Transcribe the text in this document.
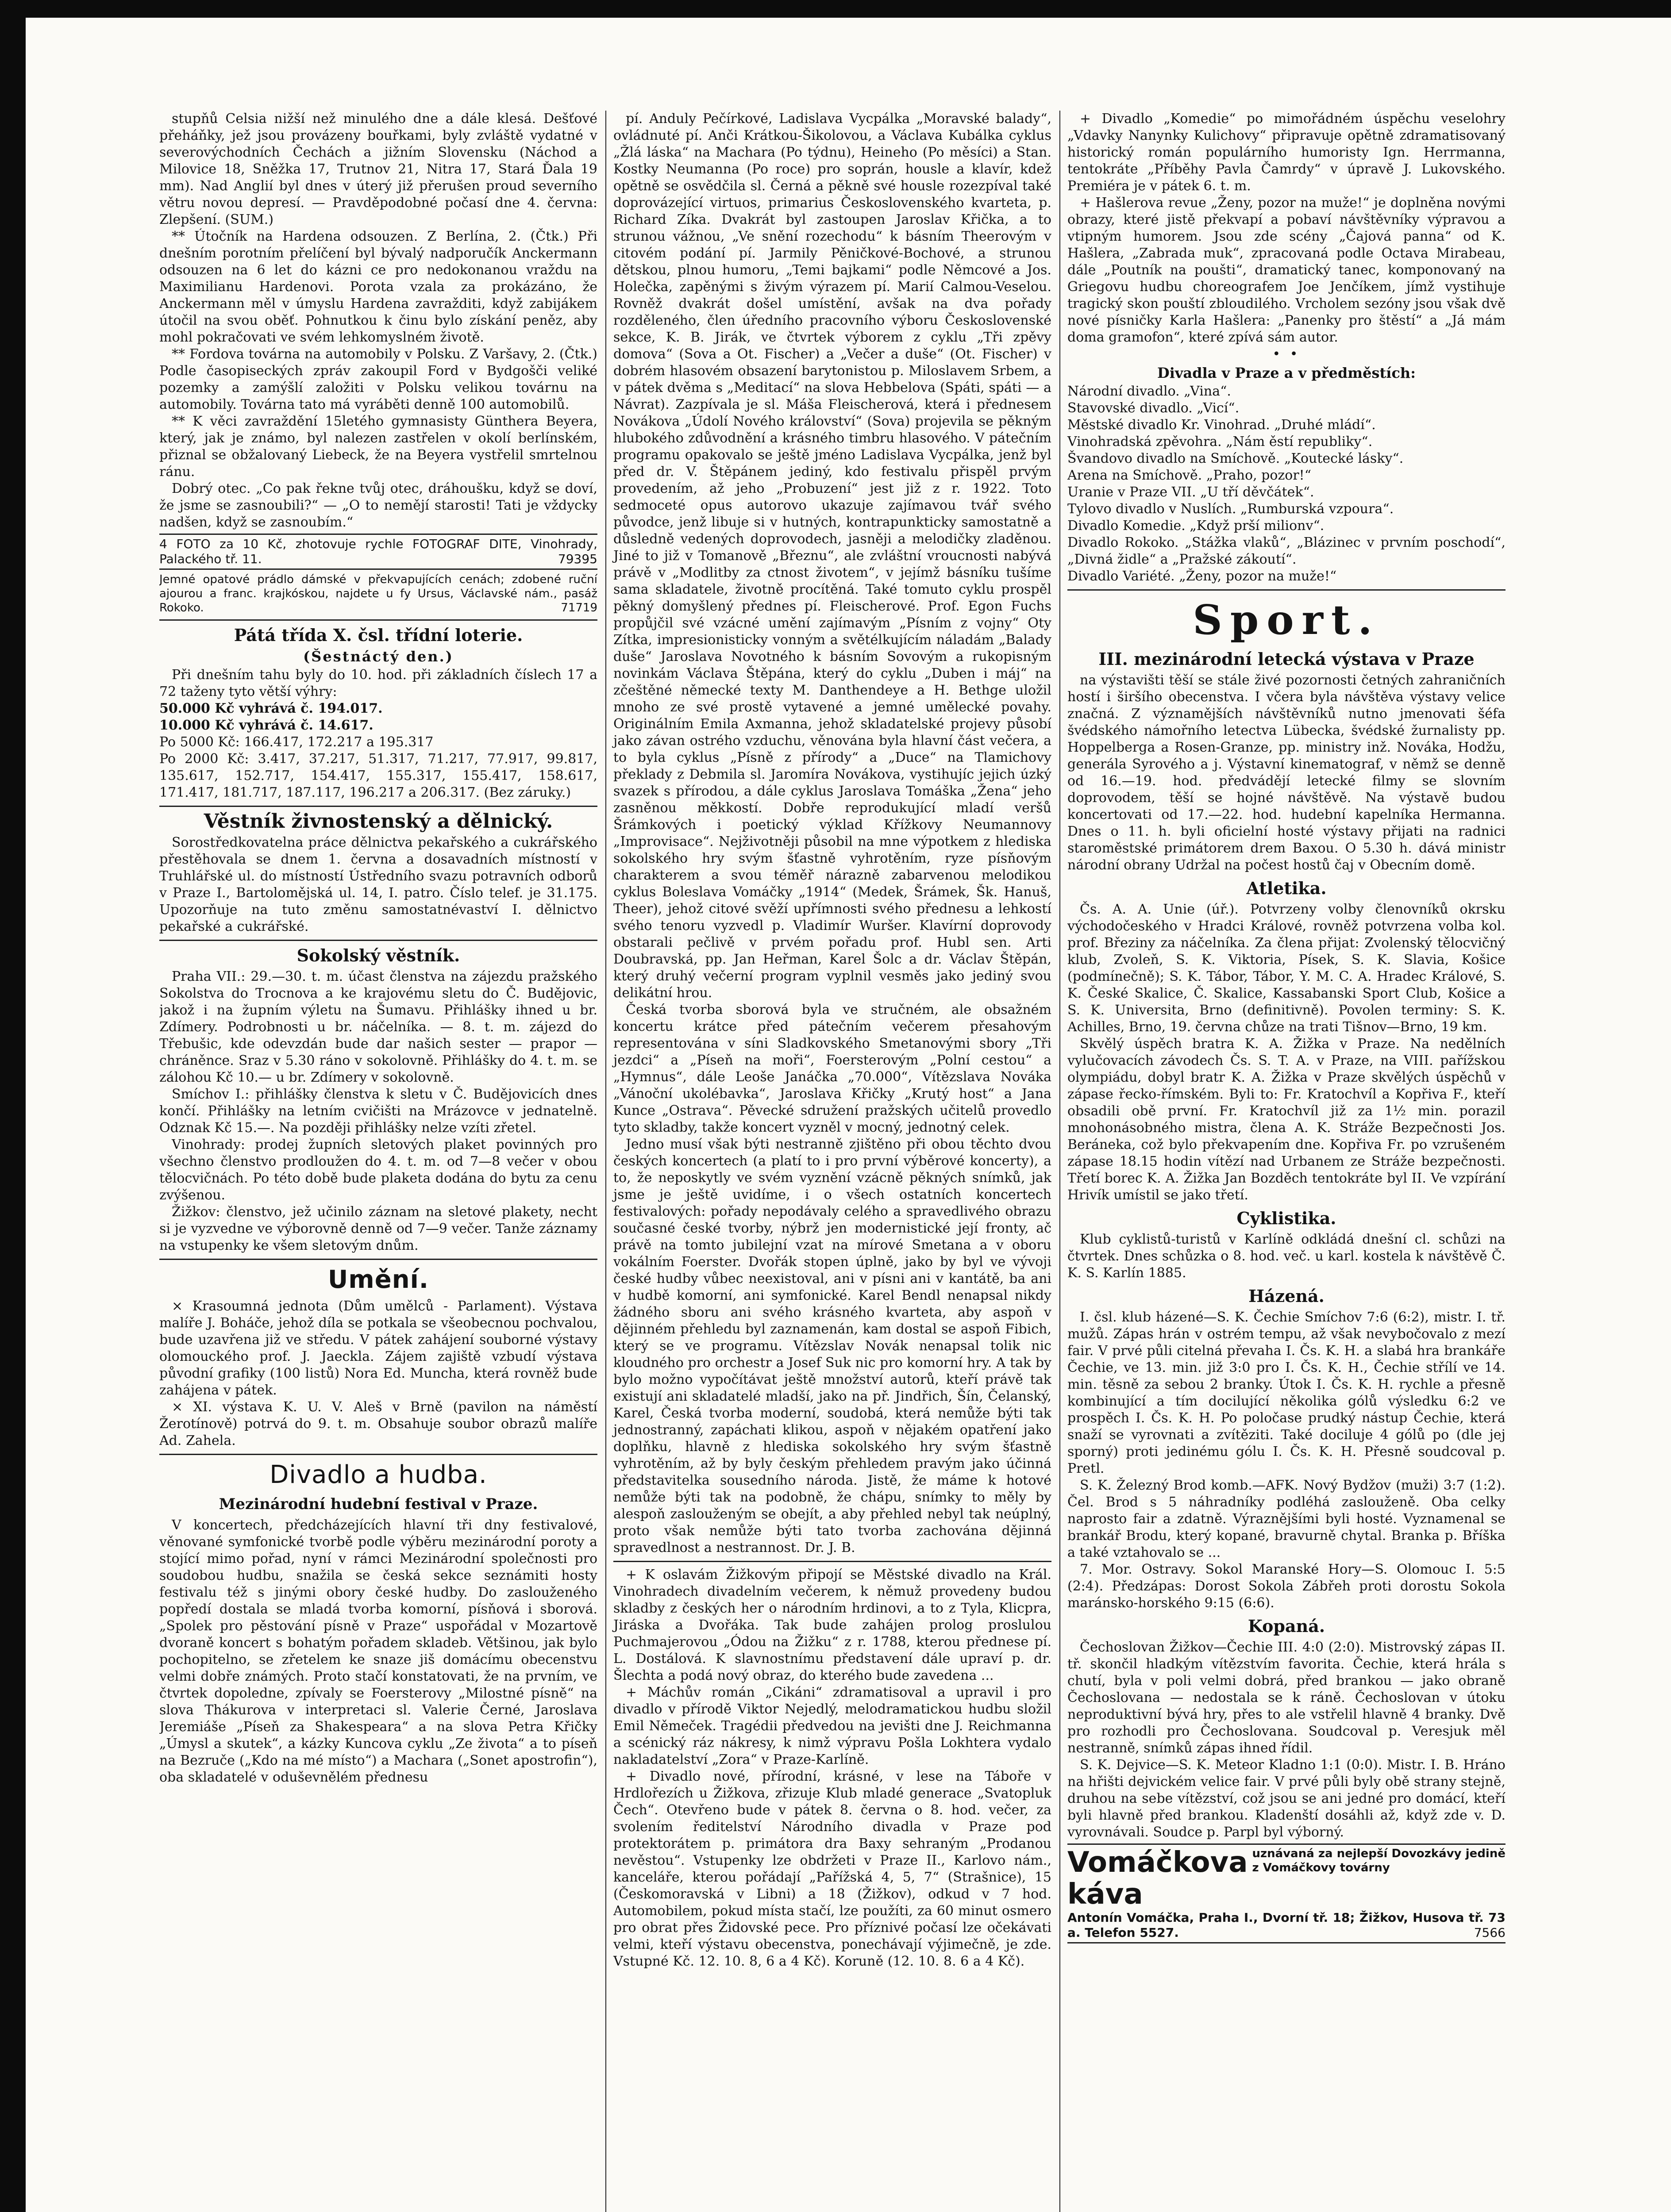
stupňů Celsia nižší než minulého dne a dále klesá. Dešťové přeháňky, jež jsou provázeny bouřkami, byly zvláště vydatné v severovýchodních Čechách a jižním Slovensku (Náchod a Milovice 18, Sněžka 17, Trutnov 21, Nitra 17, Stará Ďala 19 mm). Nad Anglií byl dnes v úterý již přerušen proud severního větru novou depresí. — Pravděpodobné počasí dne 4. června: Zlepšení. (SUM.)

** Útočník na Hardena odsouzen. Z Berlína, 2. (Čtk.) Při dnešním porotním přelíčení byl bývalý nadporučík Anckermann odsouzen na 6 let do kázni ce pro nedokonanou vraždu na Maximilianu Hardenovi. Porota vzala za prokázáno, že Anckermann měl v úmyslu Hardena zavražditi, když zabijákem útočil na svou oběť. Pohnutkou k činu bylo získání peněz, aby mohl pokračovati ve svém lehkomyslném životě.

** Fordova továrna na automobily v Polsku. Z Varšavy, 2. (Čtk.) Podle časopiseckých zpráv zakoupil Ford v Bydgošči veliké pozemky a zamýšlí založiti v Polsku velikou továrnu na automobily. Továrna tato má vyráběti denně 100 automobilů.

** K věci zavraždění 15letého gymnasisty Günthera Beyera, který, jak je známo, byl nalezen zastřelen v okolí berlínském, přiznal se obžalovaný Liebeck, že na Beyera vystřelil smrtelnou ránu.

Dobrý otec. „Co pak řekne tvůj otec, dráhoušku, když se doví, že jsme se zasnoubili?“ — „O to nemějí starosti! Tati je vždycky nadšen, když se zasnoubím.“

4 FOTO za 10 Kč, zhotovuje rychle FOTOGRAF DITE, Vinohrady, Palackého tř. 11.	79395
Jemné opatové prádlo dámské v překvapujících cenách; zdobené ruční ajourou a franc. krajkóskou, najdete u fy Ursus, Václavské nám., pasáž Rokoko.	71719
Pátá třída X. čsl. třídní loterie.
(Šestnáctý den.)

Při dnešním tahu byly do 10. hod. při základních číslech 17 a 72 taženy tyto větší výhry:

50.000 Kč vyhrává č. 194.017.

10.000 Kč vyhrává č. 14.617.

Po 5000 Kč: 166.417, 172.217 a 195.317

Po 2000 Kč: 3.417, 37.217, 51.317, 71.217, 77.917, 99.817, 135.617, 152.717, 154.417, 155.317, 155.417, 158.617, 171.417, 181.717, 187.117, 196.217 a 206.317. (Bez záruky.)

Věstník živnostenský a dělnický.

Sorostředkovatelna práce dělnictva pekařského a cukrářského přestěhovala se dnem 1. června a dosavadních místností v Truhlářské ul. do místností Ústředního svazu potravních odborů v Praze I., Bartolomějská ul. 14, I. patro. Číslo telef. je 31.175. Upozorňuje na tuto změnu samostatnévaství I. dělnictvo pekařské a cukrářské.

Sokolský věstník.

Praha VII.: 29.—30. t. m. účast členstva na zájezdu pražského Sokolstva do Trocnova a ke krajovému sletu do Č. Budějovic, jakož i na župním výletu na Šumavu. Přihlášky ihned u br. Zdímery. Podrobnosti u br. náčelníka. — 8. t. m. zájezd do Třebušic, kde odevzdán bude dar našich sester — prapor — chráněnce. Sraz v 5.30 ráno v sokolovně. Přihlášky do 4. t. m. se zálohou Kč 10.— u br. Zdímery v sokolovně.

Smíchov I.: přihlášky členstva k sletu v Č. Budějovicích dnes končí. Přihlášky na letním cvičišti na Mrázovce v jednatelně. Odznak Kč 15.—. Na později přihlášky nelze vzíti zřetel.

Vinohrady: prodej župních sletových plaket povinných pro všechno členstvo prodloužen do 4. t. m. od 7—8 večer v obou tělocvičnách. Po této době bude plaketa dodána do bytu za cenu zvýšenou.

Žižkov: členstvo, jež učinilo záznam na sletové plakety, necht si je vyzvedne ve výborovně denně od 7—9 večer. Tanže záznamy na vstupenky ke všem sletovým dnům.

Umění.

× Krasoumná jednota (Dům umělců - Parlament). Výstava malíře J. Boháče, jehož díla se potkala se všeobecnou pochvalou, bude uzavřena již ve středu. V pátek zahájení souborné výstavy olomouckého prof. J. Jaeckla. Zájem zajiště vzbudí výstava původní grafiky (100 listů) Nora Ed. Munchа, která rovněž bude zahájena v pátek.

× XI. výstava K. U. V. Aleš v Brně (pavilon na náměstí Žerotínově) potrvá do 9. t. m. Obsahuje soubor obrazů malíře Ad. Zahela.

Divadlo a hudba.
Mezinárodní hudební festival v Praze.

V koncertech, předcházejících hlavní tři dny festivalové, věnované symfonické tvorbě podle výběru mezinárodní poroty a stojící mimo pořad, nyní v rámci Mezinárodní společnosti pro soudobou hudbu, snažila se česká sekce seznámiti hosty festivalu též s jinými obory české hudby. Do zaslouženého popředí dostala se mladá tvorba komorní, písňová i sborová. „Spolek pro pěstování písně v Praze“ uspořádal v Mozartově dvoraně koncert s bohatým pořadem skladeb. Většinou, jak bylo pochopitelno, se zřetelem ke snaze jiš domácímu obecenstvu velmi dobře známých. Proto stačí konstatovati, že na prvním, ve čtvrtek dopoledne, zpívaly se Foersterovy „Milostné písně“ na slova Thákurova v interpretaci sl. Valerie Černé, Jaroslava Jeremiáše „Píseň za Shakespeara“ a na slova Petra Křičky „Úmysl a skutek“, a kázky Kuncova cyklu „Ze života“ a to píseň na Bezruče („Kdo na mé místo“) a Machara („Sonet apostrofin“), oba skladatelé v oduševnělém přednesu

pí. Anduly Pečírkové, Ladislava Vycpálka „Moravské balady“, ovládnuté pí. Anči Krátkou-Šikolovou, a Václava Kubálka cyklus „Žlá láska“ na Machara (Po týdnu), Heineho (Po měsíci) a Stan. Kostky Neumanna (Po roce) pro soprán, housle a klavír, kdež opětně se osvědčila sl. Černá a pěkně své housle rozezpíval také doprovázející virtuos, primarius Československého kvarteta, p. Richard Zíka. Dvakrát byl zastoupen Jaroslav Křička, a to strunou vážnou, „Ve snění rozechodu“ k básním Theerovým v citovém podání pí. Jarmily Pěničkové-Bochové, a strunou dětskou, plnou humoru, „Temi bajkami“ podle Němcové a Jos. Holečka, zapěnými s živým výrazem pí. Marií Calmou-Veselou. Rovněž dvakrát došel umístění, avšak na dva pořady rozděleného, člen úředního pracovního výboru Československé sekce, K. B. Jirák, ve čtvrtek výborem z cyklu „Tři zpěvy domova“ (Sova a Ot. Fischer) a „Večer a duše“ (Ot. Fischer) v dobrém hlasovém obsazení barytonistou p. Miloslavem Srbem, a v pátek dvěma s „Meditací“ na slova Hebbelova (Spáti, spáti — a Návrat). Zazpívala je sl. Máša Fleischerová, která i přednesem Novákova „Údolí Nového království“ (Sova) projevila se pěkným hlubokého zdůvodnění a krásného timbru hlasového. V pátečním programu opakovalo se ještě jméno Ladislava Vycpálka, jenž byl před dr. V. Štěpánem jediný, kdo festivalu přispěl prvým provedením, až jeho „Probuzení“ jest již z r. 1922. Toto sedmoceté opus autorovo ukazuje zajímavou tvář svého původce, jenž libuje si v hutných, kontrapunkticky samostatně a důsledně vedených doprovodech, jasněji a melodičky zladěnou. Jiné to již v Tomanově „Březnu“, ale zvláštní vroucnosti nabývá právě v „Modlitby za ctnost životem“, v jejímž básníku tušíme sama skladatele, životně procítěná. Také tomuto cyklu prospěl pěkný domyšlený přednes pí. Fleischerové. Prof. Egon Fuchs propůjčil své vzácné umění zajímavým „Písním z vojny“ Oty Zítka, impresionisticky vonným a světélkujícím náladám „Balady duše“ Jaroslava Novotného k básním Sovovým a rukopisným novinkám Václava Štěpána, který do cyklu „Duben i máj“ na zčeštěné německé texty M. Danthendeye a H. Bethge uložil mnoho ze své prostě vytavené a jemné umělecké povahy. Originálním Emila Axmanna, jehož skladatelské projevy působí jako závan ostrého vzduchu, věnována byla hlavní část večera, a to byla cyklus „Písně z přírody“ a „Duce“ na Tlamichovy překlady z Debmila sl. Jaromíra Novákova, vystihujíc jejich úzký svazek s přírodou, a dále cyklus Jaroslava Tomáška „Žena“ jeho zasněnou měkkostí. Dobře reprodukující mladí veršů Šrámkových i poetický výklad Křížkovy Neumannovy „Improvisace“. Nejživotněji působil na mne výpotkem z hlediska sokolského hry svým šťastně vyhrotěním, ryze písňovým charakterem a svou téměř nárazně zabarvenou melodikou cyklus Boleslava Vomáčky „1914“ (Medek, Šrámek, Šk. Hanuš, Theer), jehož citové svěží upřímnosti svého přednesu a lehkostí svého tenoru vyzvedl p. Vladimír Wuršer. Klavírní doprovody obstarali pečlivě v prvém pořadu prof. Hubl sen. Arti Doubravská, pp. Jan Heřman, Karel Šolc a dr. Václav Štěpán, který druhý večerní program vyplnil vesměs jako jediný svou delikátní hrou.

Česká tvorba sborová byla ve stručném, ale obsažném koncertu krátce před pátečním večerem přesahovým representována v síni Sladkovského Smetanovými sbory „Tři jezdci“ a „Píseň na moři“, Foersterovým „Polní cestou“ a „Hymnus“, dále Leoše Janáčka „70.000“, Vítězslava Nováka „Vánoční ukolébavka“, Jaroslava Křičky „Krutý host“ a Jana Kunce „Ostrava“. Pěvecké sdružení pražských učitelů provedlo tyto skladby, takže koncert vyzněl v mocný, jednotný celek.

Jedno musí však býti nestranně zjištěno při obou těchto dvou českých koncertech (a platí to i pro první výběrové koncerty), a to, že neposkytly ve svém vyznění vzácně pěkných snímků, jak jsme je ještě uvidíme, i o všech ostatních koncertech festivalových: pořady nepodávaly celého a spravedlivého obrazu současné české tvorby, nýbrž jen modernistické její fronty, ač právě na tomto jubilejní vzat na mírové Smetana a v oboru vokálním Foerster. Dvořák stopen úplně, jako by byl ve vývoji české hudby vůbec neexistoval, ani v písni ani v kantátě, ba ani v hudbě komorní, ani symfonické. Karel Bendl nenapsal nikdy žádného sboru ani svého krásného kvarteta, aby aspoň v dějinném přehledu byl zaznamenán, kam dostal se aspoň Fibich, který se ve programu. Vítězslav Novák nenapsal tolik nic kloudného pro orchestr a Josef Suk nic pro komorní hry. A tak by bylo možno vypočítávat ještě množství autorů, kteří právě tak existují ani skladatelé mladší, jako na př. Jindřich, Šín, Čelanský, Karel, Česká tvorba moderní, soudobá, která nemůže býti tak jednostranný, zapáchati klikou, aspoň v nějakém opatření jako doplňku, hlavně z hlediska sokolského hry svým šťastně vyhrotěním, až by byly českým přehledem pravým jako účinná představitelka sousedního národa. Jistě, že máme k hotové nemůže býti tak na podobně, že chápu, snímky to měly by alespoň zaslouženým se obejít, a aby přehled nebyl tak neúplný, proto však nemůže býti tato tvorba zachována dějinná spravedlnost a nestrannost. Dr. J. B.

+ K oslavám Žižkovým připojí se Městské divadlo na Král. Vinohradech divadelním večerem, k němuž provedeny budou skladby z českých her o národním hrdinovi, a to z Tyla, Klicpra, Jiráska a Dvořáka. Tak bude zahájen prolog proslulou Puchmajerovou „Ódou na Žižku“ z r. 1788, kterou přednese pí. L. Dostálová. K slavnostnímu představení dále upraví p. dr. Šlechta a podá nový obraz, do kterého bude zavedena ...

+ Máchův román „Cikáni“ zdramatisoval a upravil i pro divadlo v přírodě Viktor Nejedlý, melodramatickou hudbu složil Emil Němeček. Tragédii předvedou na jevišti dne J. Reichmanna a scénický ráz nákresy, k nimž výpravu Pošla Lokhtera vydalo nakladatelství „Zora“ v Praze-Karlíně.

+ Divadlo nové, přírodní, krásné, v lese na Táboře v Hrdlořezích u Žižkova, zřizuje Klub mladé generace „Svatopluk Čech“. Otevřeno bude v pátek 8. června o 8. hod. večer, za svolením ředitelství Národního divadla v Praze pod protektorátem p. primátora dra Baxy sehraným „Prodanou nevěstou“. Vstupenky lze obdržeti v Praze II., Karlovo nám., kanceláře, kterou pořádají „Pařížská 4, 5, 7“ (Strašnice), 15 (Českomoravská v Libni) a 18 (Žižkov), odkud v 7 hod. Automobilem, pokud místa stačí, lze použíti, za 60 minut osmero pro obrat přes Židovské pece. Pro příznivé počasí lze očekávati velmi, kteří výstavu obecenstva, ponechávají výjimečně, je zde. Vstupné Kč. 12. 10. 8, 6 a 4 Kč). Koruně (12. 10. 8. 6 a 4 Kč).

+ Divadlo „Komedie“ po mimořádném úspěchu veselohry „Vdavky Nanynky Kulichovy“ připravuje opětně zdramatisovaný historický román populárního humoristy Ign. Herrmanna, tentokráte „Příběhy Pavla Čamrdy“ v úpravě J. Lukovského. Premiéra je v pátek 6. t. m.

+ Hašlerova revue „Ženy, pozor na muže!“ je doplněna novými obrazy, které jistě překvapí a pobaví návštěvníky výpravou a vtipným humorem. Jsou zde scény „Čajová panna“ od K. Hašlera, „Zabrada muk“, zpracovaná podle Octava Mirabeau, dále „Poutník na poušti“, dramatický tanec, komponovaný na Griegovu hudbu choreografem Joe Jenčíkem, jímž vystihuje tragický skon pouští zbloudilého. Vrcholem sezóny jsou však dvě nové písničky Karla Hašlera: „Panenky pro štěstí“ a „Já mám doma gramofon“, které zpívá sám autor.

• •
Divadla v Praze a v předměstích:

Národní divadlo. „Vina“.

Stavovské divadlo. „Vicí“.

Městské divadlo Kr. Vinohrad. „Druhé mládí“.

Vinohradská zpěvohra. „Nám ěstí republiky“.

Švandovo divadlo na Smíchově. „Koutecké lásky“.

Arena na Smíchově. „Praho, pozor!“

Uranie v Praze VII. „U tří děvčátek“.

Tylovo divadlo v Nuslích. „Rumburská vzpoura“.

Divadlo Komedie. „Když prší milionv“.

Divadlo Rokoko. „Stážka vlaků“, „Blázinec v prvním poschodí“, „Divná židle“ a „Pražské zákoutí“.

Divadlo Variété. „Ženy, pozor na muže!“

Sport.
III. mezinárodní letecká výstava v Praze

na výstavišti těší se stále živé pozornosti četných zahraničních hostí i širšího obecenstva. I včera byla návštěva výstavy velice značná. Z významějších návštěvníků nutno jmenovati šéfa švédského námořního letectva Lübecka, švédské žurnalisty pp. Hoppelberga a Rosen-Granze, pp. ministry inž. Nováka, Hodžu, generála Syrového a j. Výstavní kinematograf, v němž se denně od 16.—19. hod. předvádějí letecké filmy se slovním doprovodem, těší se hojné návštěvě. Na výstavě budou koncertovati od 17.—22. hod. hudební kapelníka Hermanna. Dnes o 11. h. byli oficielní hosté výstavy přijati na radnici staroměstské primátorem drem Baxou. O 5.30 h. dává ministr národní obrany Udržal na počest hostů čaj v Obecním domě.

Atletika.

Čs. A. A. Unie (úř.). Potvrzeny volby členovníků okrsku východočeského v Hradci Králové, rovněž potvrzena volba kol. prof. Březiny za náčelníka. Za člena přijat: Zvolenský tělocvičný klub, Zvoleň, S. K. Viktoria, Písek, S. K. Slavia, Košice (podmínečně); S. K. Tábor, Tábor, Y. M. C. A. Hradec Králové, S. K. České Skalice, Č. Skalice, Kassabanski Sport Club, Košice a S. K. Universita, Brno (definitivně). Povolen terminy: S. K. Achilles, Brno, 19. června chůze na trati Tišnov—Brno, 19 km.

Skvělý úspěch bratra K. A. Žižka v Praze. Na nedělních vylučovacích závodech Čs. S. T. A. v Praze, na VIII. pařížskou olympiádu, dobyl bratr K. A. Žižka v Praze skvělých úspěchů v zápase řecko-římském. Byli to: Fr. Kratochvíl a Kopřiva F., kteří obsadili obě první. Fr. Kratochvíl již za 1½ min. porazil mnohonásobného mistra, člena A. K. Stráže Bezpečnosti Jos. Beráneka, což bylo překvapením dne. Kopřiva Fr. po vzrušeném zápase 18.15 hodin vítězí nad Urbanem ze Stráže bezpečnosti. Třetí borec K. A. Žižka Jan Bozděch tentokráte byl II. Ve vzpírání Hrivík umístil se jako třetí.

Cyklistika.

Klub cyklistů-turistů v Karlíně odkládá dnešní cl. schůzi na čtvrtek. Dnes schůzka o 8. hod. več. u karl. kostela k návštěvě Č. K. S. Karlín 1885.

Házená.

I. čsl. klub házené—S. K. Čechie Smíchov 7:6 (6:2), mistr. I. tř. mužů. Zápas hrán v ostrém tempu, až však nevybočovalo z mezí fair. V prvé půli citelná převaha I. Čs. K. H. a slabá hra brankáře Čechie, ve 13. min. již 3:0 pro I. Čs. K. H., Čechie střílí ve 14. min. těsně za sebou 2 branky. Útok I. Čs. K. H. rychle a přesně kombinující a tím docilující několika gólů výsledku 6:2 ve prospěch I. Čs. K. H. Po poločase prudký nástup Čechie, která snaží se vyrovnati a zvítěziti. Také dociluje 4 gólů po (dle jej sporný) proti jedinému gólu I. Čs. K. H. Přesně soudcoval p. Pretl.

S. K. Železný Brod komb.—AFK. Nový Bydžov (muži) 3:7 (1:2). Čel. Brod s 5 náhradníky podléhá zaslouženě. Oba celky naprosto fair a zdatně. Výraznějšími byli hosté. Vyznamenal se brankář Brodu, který kopané, bravurně chytal. Branka p. Bříška a také vztahovalo se ...

7. Mor. Ostravy. Sokol Maranské Hory—S. Olomouc I. 5:5 (2:4). Předzápas: Dorost Sokola Zábřeh proti dorostu Sokola maránsko-horského 9:15 (6:6).

Kopaná.

Čechoslovan Žižkov—Čechie III. 4:0 (2:0). Mistrovský zápas II. tř. skončil hladkým vítězstvím favorita. Čechie, která hrála s chutí, byla v poli velmi dobrá, před brankou — jako obraně Čechoslovana — nedostala se k ráně. Čechoslovan v útoku neproduktivní bývá hry, přes to ale vstřelil hlavně 4 branky. Dvě pro rozhodli pro Čechoslovana. Soudcoval p. Veresjuk měl nestranně, snímků zápas ihned řídil.

S. K. Dejvice—S. K. Meteor Kladno 1:1 (0:0). Mistr. I. B. Hráno na hřišti dejvickém velice fair. V prvé půli byly obě strany stejně, druhou na sebe vítězství, což jsou se ani jedné pro domácí, kteří byli hlavně před brankou. Kladenští dosáhli až, když zde v. D. vyrovnávali. Soudce p. Parpl byl výborný.

Vomáčkova káva
uznávaná za nejlepší Dovozkávy jedině z Vomáčkovy továrny
Antonín Vomáčka, Praha I., Dvorní tř. 18; Žižkov, Husova tř. 73 a. Telefon 5527.	7566
